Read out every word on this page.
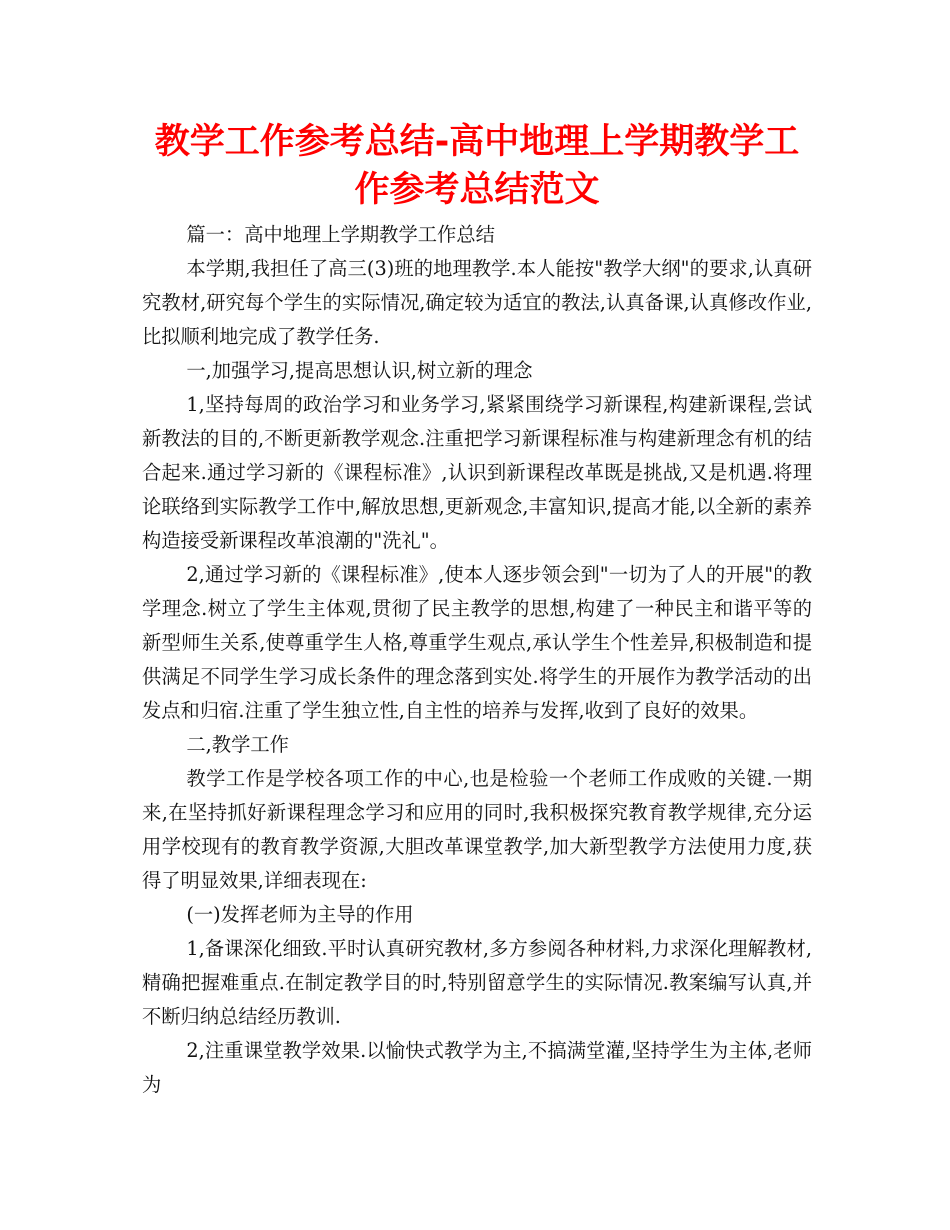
教学工作参考总结-高中地理上学期教学工作参考总结范文

篇一：高中地理上学期教学工作总结

本学期,我担任了高三(3)班的地理教学.本人能按"教学大纲"的要求,认真研究教材,研究每个学生的实际情况,确定较为适宜的教法,认真备课,认真修改作业,比拟顺利地完成了教学任务.

一,加强学习,提高思想认识,树立新的理念

1,坚持每周的政治学习和业务学习,紧紧围绕学习新课程,构建新课程,尝试新教法的目的,不断更新教学观念.注重把学习新课程标准与构建新理念有机的结合起来.通过学习新的《课程标准》,认识到新课程改革既是挑战,又是机遇.将理论联络到实际教学工作中,解放思想,更新观念,丰富知识,提高才能,以全新的素养构造接受新课程改革浪潮的"洗礼"。

2,通过学习新的《课程标准》,使本人逐步领会到"一切为了人的开展"的教学理念.树立了学生主体观,贯彻了民主教学的思想,构建了一种民主和谐平等的新型师生关系,使尊重学生人格,尊重学生观点,承认学生个性差异,积极制造和提供满足不同学生学习成长条件的理念落到实处.将学生的开展作为教学活动的出发点和归宿.注重了学生独立性,自主性的培养与发挥,收到了良好的效果。

二,教学工作

教学工作是学校各项工作的中心,也是检验一个老师工作成败的关键.一期来,在坚持抓好新课程理念学习和应用的同时,我积极探究教育教学规律,充分运用学校现有的教育教学资源,大胆改革课堂教学,加大新型教学方法使用力度,获得了明显效果,详细表现在:

(一)发挥老师为主导的作用

1,备课深化细致.平时认真研究教材,多方参阅各种材料,力求深化理解教材,精确把握难重点.在制定教学目的时,特别留意学生的实际情况.教案编写认真,并不断归纳总结经历教训.

2,注重课堂教学效果.以愉快式教学为主,不搞满堂灌,坚持学生为主体,老师为
